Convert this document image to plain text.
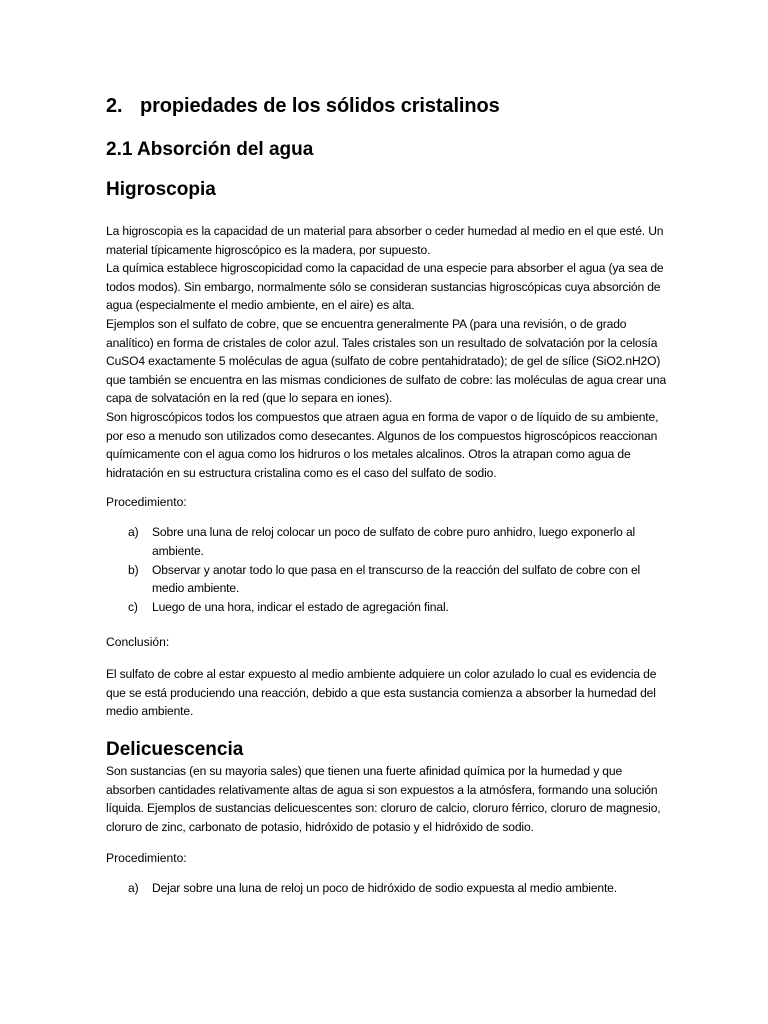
2. propiedades de los sólidos cristalinos
2.1 Absorción del agua
Higroscopia

La higroscopia es la capacidad de un material para absorber o ceder humedad al medio en el que esté. Un material típicamente higroscópico es la madera, por supuesto.

La química establece higroscopicidad como la capacidad de una especie para absorber el agua (ya sea de todos modos). Sin embargo, normalmente sólo se consideran sustancias higroscópicas cuya absorción de agua (especialmente el medio ambiente, en el aire) es alta.

Ejemplos son el sulfato de cobre, que se encuentra generalmente PA (para una revisión, o de grado analítico) en forma de cristales de color azul. Tales cristales son un resultado de solvatación por la celosía CuSO4 exactamente 5 moléculas de agua (sulfato de cobre pentahidratado); de gel de sílice (SiO2.nH2O) que también se encuentra en las mismas condiciones de sulfato de cobre: las moléculas de agua crear una capa de solvatación en la red (que lo separa en iones).

Son higroscópicos todos los compuestos que atraen agua en forma de vapor o de líquido de su ambiente, por eso a menudo son utilizados como desecantes. Algunos de los compuestos higroscópicos reaccionan químicamente con el agua como los hidruros o los metales alcalinos. Otros la atrapan como agua de hidratación en su estructura cristalina como es el caso del sulfato de sodio.

Procedimiento:

a) Sobre una luna de reloj colocar un poco de sulfato de cobre puro anhidro, luego exponerlo al ambiente.
b) Observar y anotar todo lo que pasa en el transcurso de la reacción del sulfato de cobre con el medio ambiente.
c) Luego de una hora, indicar el estado de agregación final.

Conclusión:

El sulfato de cobre al estar expuesto al medio ambiente adquiere un color azulado lo cual es evidencia de que se está produciendo una reacción, debido a que esta sustancia comienza a absorber la humedad del medio ambiente.

Delicuescencia

Son sustancias (en su mayoria sales) que tienen una fuerte afinidad química por la humedad y que absorben cantidades relativamente altas de agua si son expuestos a la atmósfera, formando una solución líquida. Ejemplos de sustancias delicuescentes son: cloruro de calcio, cloruro férrico, cloruro de magnesio, cloruro de zinc, carbonato de potasio, hidróxido de potasio y el hidróxido de sodio.

Procedimiento:

a) Dejar sobre una luna de reloj un poco de hidróxido de sodio expuesta al medio ambiente.
